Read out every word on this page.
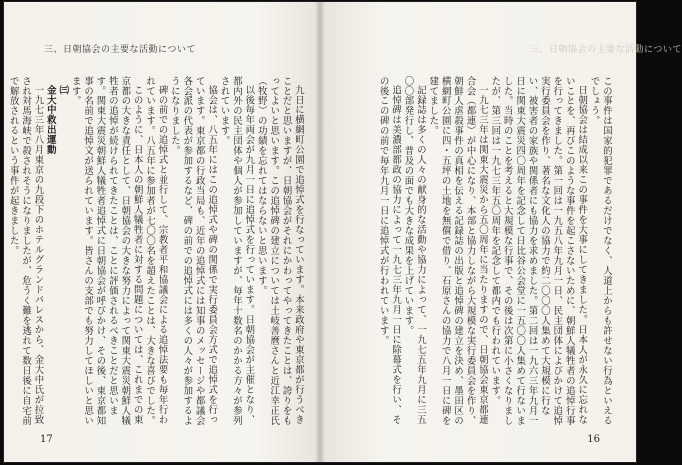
三、日朝協会の主要な活動について

九日に横網町公園で追悼式を行なっています。本来政府や東京都が行うべきことだと思いますが、日朝協会がそれにかわってやってきたことは、誇りをもってよいと思います。この追悼碑の建立については土岐善麿さんと近江幸正氏（牧野）の功績を忘れてはならないと思います。

以後毎年両会が九月一日に追悼式を行っています。日朝協会が主催となり、都内外の民主団体や個人が参加していますが、毎年十数名のかかる方々が参列されています。

協会は、八五年にはこの追悼式や碑の関係で実行委員会方式で追悼式を行っています。東京都の行政当局も、近年の追悼式には知事のメッセージや都議会各会派の代表が参加するなど、碑の前での追悼式には多くの人々が参加するようになりました。

碑の前での追悼式と並行して、宗教者平和協議会による追悼法要も毎年行われています。八五年に参加者が七〇〇名を超えたことは、大きな喜びでした。

このように、日本人の朝鮮人犠牲者に対する問題については、これまでの東京都の大きな責任として、日朝協会の大きな努力によって関東大震災朝鮮人犠牲者の追悼が続けられてきたことは、ことに評価されるべきことだと思います。関東大震災朝鮮人犠牲者追悼式に日朝協会が呼びかけ、その後、東京都知事の名前で追悼文が送られています。皆さんの支部でも努力してほしいと思います。

㈢

金大中救出運動

一九七三年八月東京の九段下のホテルグランドパレスから、金大中氏が拉致され対馬海峡で殺されそうになりましたが、危うく難を逃れて数日後に自宅前で解放されるという事件が起きました。

17
三、日朝協会の主要な活動について

この事件は国家的犯罪であるだけでなく、人道上からも許せない行為といえるでしょう。

日朝協会は結成以来この事件を大事にしてきました。日本人が永久に忘れないことを、再びこのような事件を起こさないために、朝鮮人犠牲者の追悼行事を行ってきました。第一回は一九五八年九月一日、民主団体によびかけて追悼実行委員会を作り、著名な文化人の協力で約二〇〇〇人集めて大規模に行ない、被害者の家族や関係者にも協力を求めました。第二回は一九六三年九月一日に関東大震災四〇周年を記念して日比谷公会堂に一五〇〇人集めて行ないました。当時のことを考えると大規模な行事で、その後は次第に小さくなりましたが、第三回は一九七三年五〇周年を記念して都内でも行われています。

一九七三年は関東大震災から五〇周年に当たりますので、日朝協会東京都連合会（都連）が中心になり、本部と協力しながら大規模な実行委員会を作り、朝鮮人虐殺事件の真相を伝える記録誌の出版と追悼碑の建立を決め、墨田区の横網町公園に四・五坪の土地を無償で借り、石原さんの協力で八月一日に碑を建てました。

記録誌は多くの人々の献身的な活動や協力によって、一九七五年九月に三五〇〇部発行し、普及の面でも大きな成果を上げています。

追悼碑は美濃部都政の協力によって一九七三年九月一日に除幕式を行い、その後この碑の前で毎年九月一日に追悼式が行われています。

16
